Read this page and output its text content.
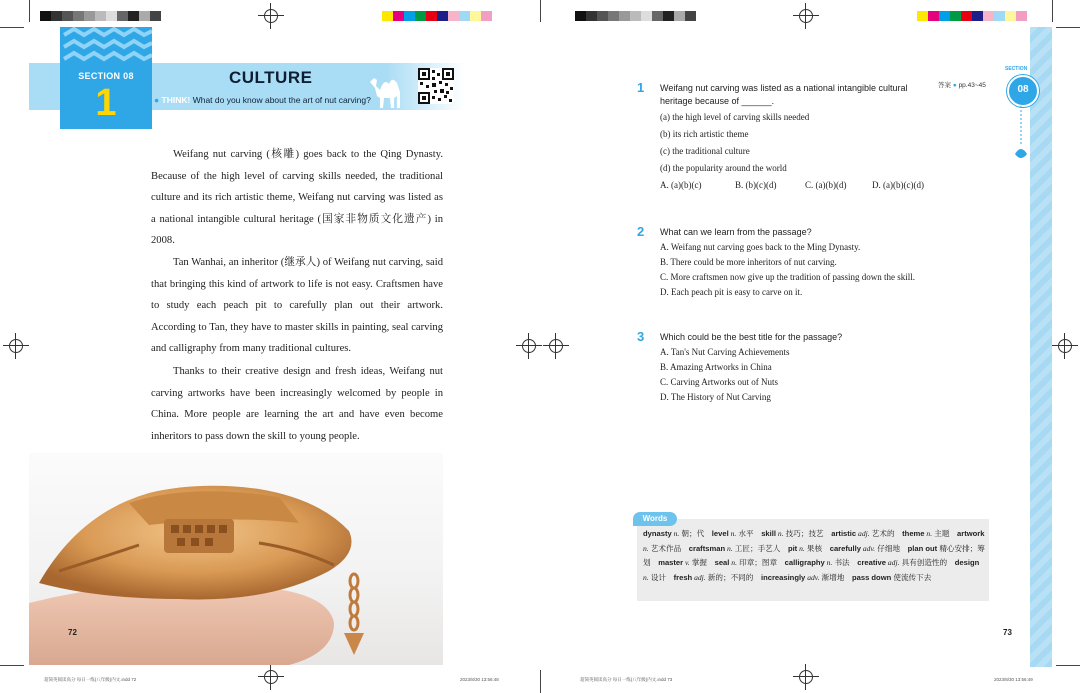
SECTION 08
1
CULTURE
● THINK! What do you know about the art of nut carving?

Weifang nut carving (核雕) goes back to the Qing Dynasty. Because of the high level of carving skills needed, the traditional culture and its rich artistic theme, Weifang nut carving was listed as a national intangible cultural heritage (国家非物质文化遗产) in 2008.

Tan Wanhai, an inheritor (继承人) of Weifang nut carving, said that bringing this kind of artwork to life is not easy. Craftsmen have to study each peach pit to carefully plan out their artwork. According to Tan, they have to master skills in painting, seal carving and calligraphy from many traditional cultures.

Thanks to their creative design and fresh ideas, Weifang nut carving artworks have been increasingly welcomed by people in China. More people are learning the art and have even become inheritors to pass down the skill to young people.

72
超简英阅读高分 每日一练(八年级)内文.indd 72	2023/8/30 13:56:48	超简英阅读高分 每日一练(八年级)内文.indd 73	2023/8/30 13:56:49
SECTION
08
答案 ● pp.43~45
1 Weifang nut carving was listed as a national intangible cultural heritage because of ______.
(a) the high level of carving skills needed
(b) its rich artistic theme
(c) the traditional culture
(d) the popularity around the world
A. (a)(b)(c)	B. (b)(c)(d)	C. (a)(b)(d)	D. (a)(b)(c)(d)
2 What can we learn from the passage?
A. Weifang nut carving goes back to the Ming Dynasty.
B. There could be more inheritors of nut carving.
C. More craftsmen now give up the tradition of passing down the skill.
D. Each peach pit is easy to carve on it.
3 Which could be the best title for the passage?
A. Tan's Nut Carving Achievements
B. Amazing Artworks in China
C. Carving Artworks out of Nuts
D. The History of Nut Carving
Words
dynasty n. 朝；代  level n. 水平  skill n. 技巧；技艺  artistic adj. 艺术的  theme n. 主题  artwork n. 艺术作品  craftsman n. 工匠；手艺人  pit n. 果核  carefully adv. 仔细地  plan out 精心安排；筹划  master v. 掌握  seal n. 印章；图章  calligraphy n. 书法  creative adj. 具有创造性的  design n. 设计  fresh adj. 新的；不同的  increasingly adv. 渐增地  pass down 使流传下去
73
